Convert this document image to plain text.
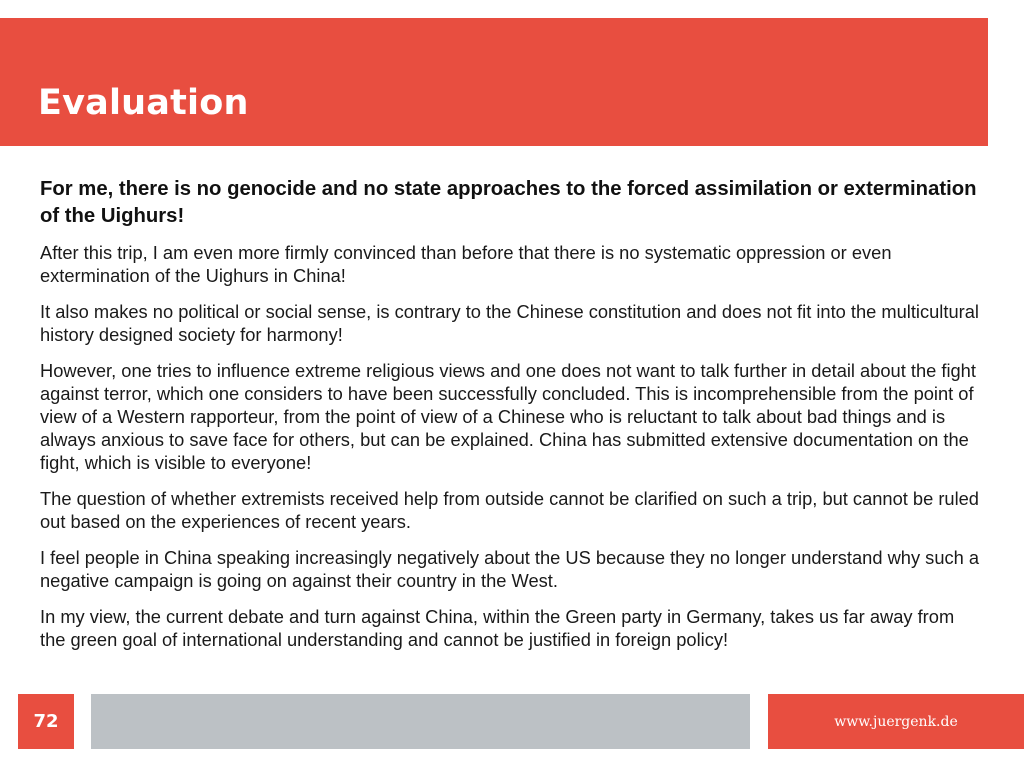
Evaluation

For me, there is no genocide and no state approaches to the forced assimilation or extermination of the Uighurs!

After this trip, I am even more firmly convinced than before that there is no systematic oppression or even extermination of the Uighurs in China!

It also makes no political or social sense, is contrary to the Chinese constitution and does not fit into the multicultural history designed society for harmony!

However, one tries to influence extreme religious views and one does not want to talk further in detail about the fight against terror, which one considers to have been successfully concluded. This is incomprehensible from the point of view of a Western rapporteur, from the point of view of a Chinese who is reluctant to talk about bad things and is always anxious to save face for others, but can be explained. China has submitted extensive documentation on the fight, which is visible to everyone!

The question of whether extremists received help from outside cannot be clarified on such a trip, but cannot be ruled out based on the experiences of recent years.

I feel people in China speaking increasingly negatively about the US because they no longer understand why such a negative campaign is going on against their country in the West.

In my view, the current debate and turn against China, within the Green party in Germany, takes us far away from the green goal of international understanding and cannot be justified in foreign policy!

72	www.juergenk.de
